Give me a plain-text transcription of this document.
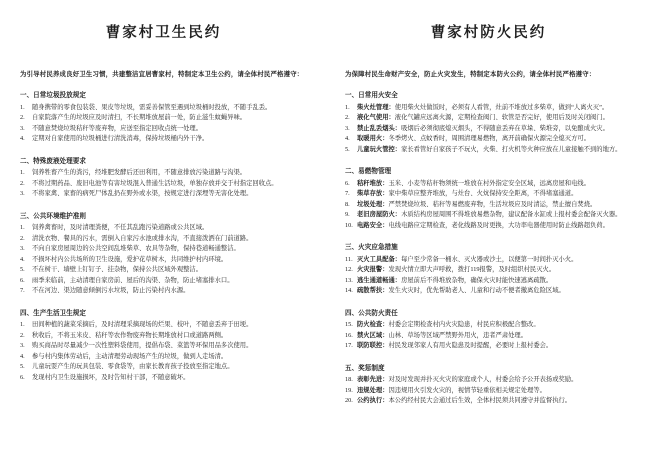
曹家村卫生民约

为引导村民养成良好卫生习惯，共建整洁宜居曹家村，特制定本卫生公约，请全体村民严格遵守：

一、日常垃圾投放规定
1.	随身携带的零食包装袋、果皮等垃圾，需妥善保管至遇到垃圾桶时投放，不随手乱丢。
2.	自家院落产生的垃圾应及时清扫，不长期堆放屋前一处，防止滋生蚊蝇异味。
3.	不随意焚烧垃圾秸秆等废弃物，应送至指定回收点统一处理。
4.	定期对自家使用的垃圾桶进行清洗消毒，保持垃圾桶内外干净。
二、特殊废液处理要求
1.	饲养牲畜产生的粪污，经堆肥发酵后还田利用，不随意排放污染道路与沟渠。
2.	不将过期药品、废旧电池等有害垃圾混入普通生活垃圾，单独存放并交于村指定回收点。
3.	不将家禽、家畜的病死尸体乱扔在野外或水渠，按规定进行深埋等无害化处理。
三、公共环境维护准则
1.	饲养禽畜时，及时清理粪便，不任其乱跑污染道路或公共区域。
2.	清洗衣物、餐具的污水，需倒入自家污水池或排水沟，不直接泼洒在门前道路。
3.	不向自家房屋周边的公共空间乱堆柴草、农具等杂物，保持巷道畅通整洁。
4.	不损坏村内公共场所的卫生设施，爱护花草树木，共同维护村内环境。
5.	不在树干、墙壁上钉钉子、挂杂物，保持公共区域外观整洁。
6.	雨季来临前，主动清理自家房前、屋后的沟渠、杂物，防止堵塞排水口。
7.	不在河边、渠边随意倾倒污水垃圾，防止污染村内水源。
四、生产生活卫生规定
1.	田间种植的蔬菜采摘后，及时清理采摘现场的烂果、枝叶，不随意丢弃于田埂。
2.	秋收后，不将玉米皮、秸秆等农作物废弃物长期堆放村口或道路两侧。
3.	购买商品时尽量减少一次性塑料袋使用，提倡布袋、菜篮等环保用品多次使用。
4.	参与村内集体劳动后，主动清理劳动现场产生的垃圾，做到人走场清。
5.	儿童玩耍产生的玩具包装、零食袋等，由家长教育孩子投放至指定地点。
6.	发现村内卫生设施损坏，及时告知村干部，不随意破坏。
曹家村防火民约

为保障村民生命财产安全，防止火灾发生，特制定本防火公约，请全体村民严格遵守：

一、日常用火安全
1.	柴火灶管理：使用柴火灶做饭时，必须有人看管，灶前不堆放过多柴草，做到“人离火灭”。
2.	液化气使用：液化气罐应远离火源，定期检查阀门、软管是否完好，使用后及时关闭阀门。
3.	禁止乱丢烟头：吸烟后必须彻底熄灭烟头，不得随意丢弃在草垛、柴堆旁，以免酿成火灾。
4.	取暖用火：冬季烤火、点蚊香时，周围清理易燃物，离开前确保火源完全熄灭方可。
5.	儿童玩火管控：家长看管好自家孩子不玩火，火柴、打火机等火种应放在儿童接触不到的地方。
二、易燃物管理
6.	秸秆堆放：玉米、小麦等秸秆物须统一堆放在村外指定安全区域，远离房屋和电线。
7.	柴草存放：家中柴草应整齐堆放，与灶台、火炕保持安全距离，不得堵塞通道。
8.	垃圾处理：严禁焚烧垃圾、秸秆等易燃废弃物，生活垃圾应及时清运，禁止擅自焚烧。
9.	老旧房屋防火：木质结构房屋周围不得堆放易燃杂物，建议配备水缸或上报村委会配备灭火器。
10. 电路安全：电线电路应定期检查，老化线路及时更换，大功率电器使用时防止线路超负荷。
三、火灾应急措施
11. 灭火工具配备：每户至少常备一桶水、灭火器或沙土，以便第一时间扑灭小火。
12. 火灾报警：发现火情立即大声呼救，拨打119报警，及时组织村民灭火。
13. 逃生通道畅通：房屋前后不得堆放杂物，确保火灾时能快速逃离疏散。
14. 疏散帮扶：发生火灾时，优先帮助老人、儿童和行动不便者撤离危险区域。
四、公共防火责任
15. 防火检查：村委会定期检查村内火灾隐患，村民应积极配合整改。
16. 禁火区域：山林、草场等区域严禁野外用火，违者严肃处理。
17. 联防联控：村民发现邻家人有用火隐患及时提醒，必要时上报村委会。
五、奖惩制度
18. 表彰先进：对及时发现并扑灭火灾的家庭或个人，村委会给予公开表扬或奖励。
19. 违规处理：因违规用火引发火灾的，视情节轻重依相关规定处理等。
20. 公约执行：本公约经村民大会通过后生效，全体村民须共同遵守并监督执行。
